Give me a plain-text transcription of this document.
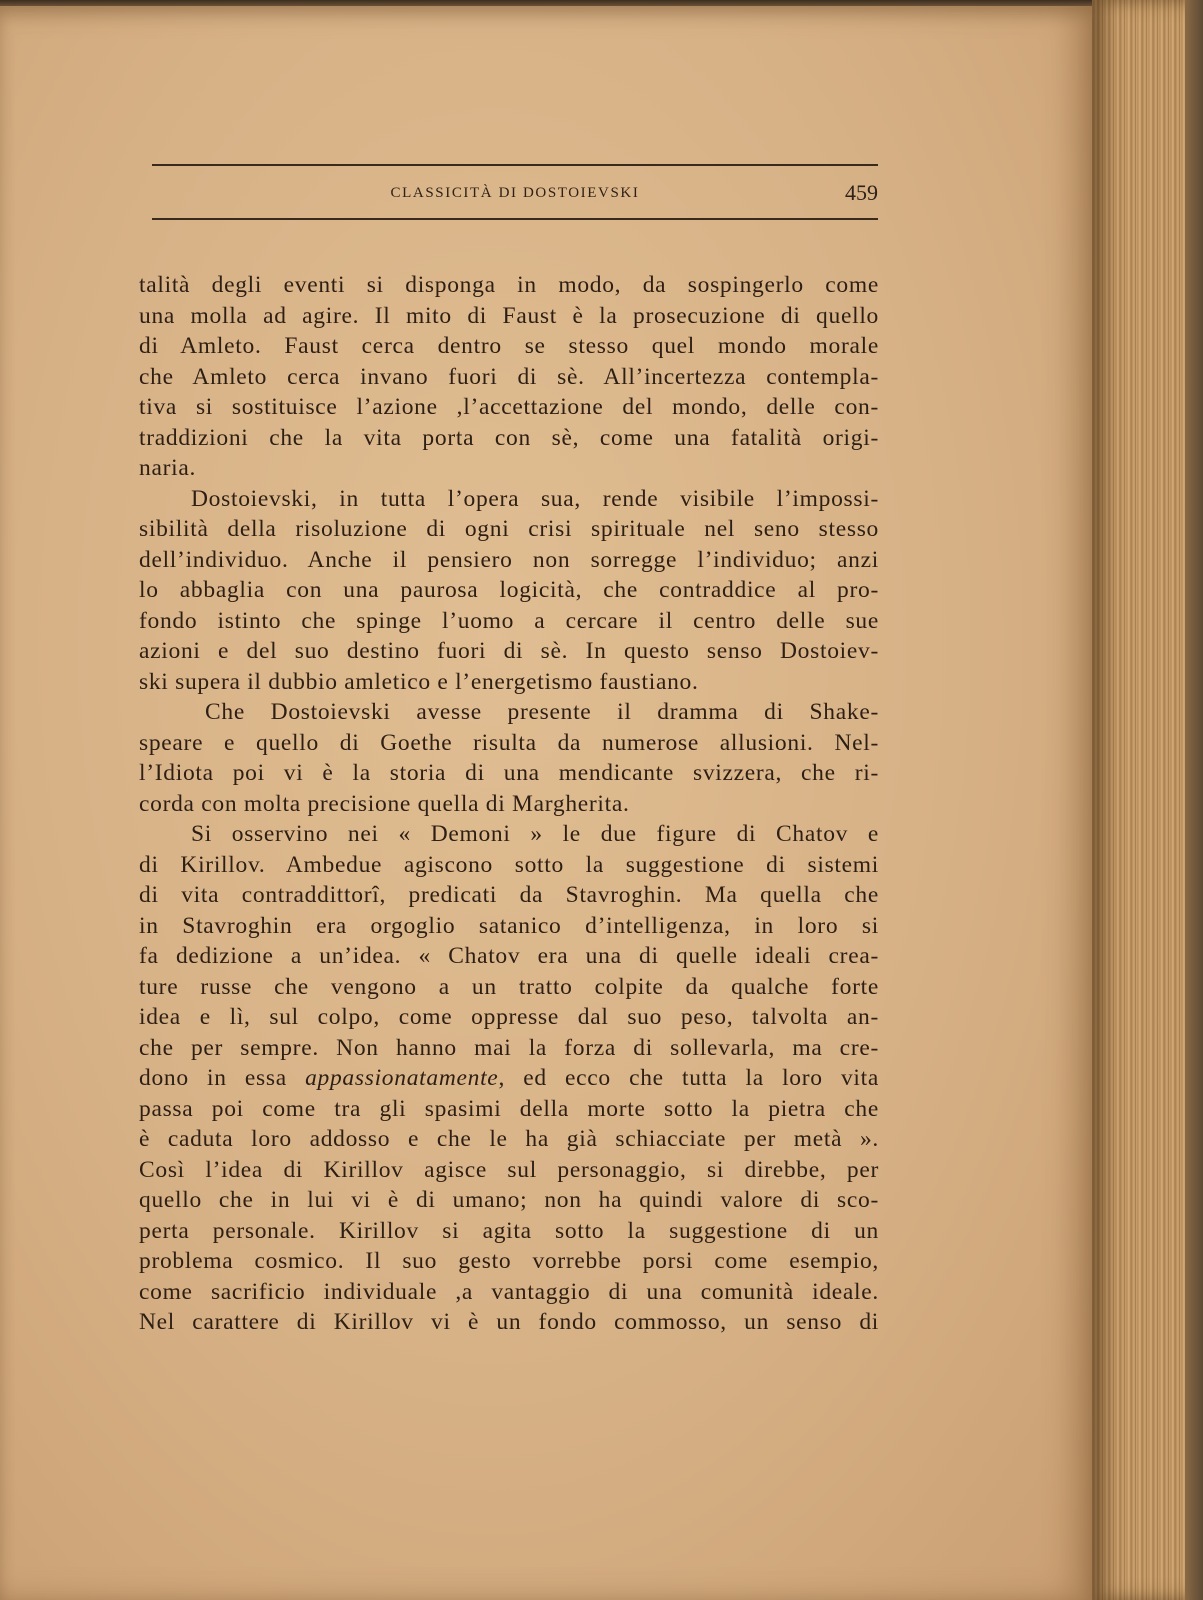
CLASSICITÀ DI DOSTOIEVSKI	459
talità degli eventi si disponga in modo, da sospingerlo come
una molla ad agire. Il mito di Faust è la prosecuzione di quello
di Amleto. Faust cerca dentro se stesso quel mondo morale
che Amleto cerca invano fuori di sè. All’incertezza contempla-
tiva si sostituisce l’azione ,l’accettazione del mondo, delle con-
traddizioni che la vita porta con sè, come una fatalità origi-
naria.
Dostoievski, in tutta l’opera sua, rende visibile l’impossi-
sibilità della risoluzione di ogni crisi spirituale nel seno stesso
dell’individuo. Anche il pensiero non sorregge l’individuo; anzi
lo abbaglia con una paurosa logicità, che contraddice al pro-
fondo istinto che spinge l’uomo a cercare il centro delle sue
azioni e del suo destino fuori di sè. In questo senso Dostoiev-
ski supera il dubbio amletico e l’energetismo faustiano.
Che Dostoievski avesse presente il dramma di Shake-
speare e quello di Goethe risulta da numerose allusioni. Nel-
l’Idiota poi vi è la storia di una mendicante svizzera, che ri-
corda con molta precisione quella di Margherita.
Si osservino nei « Demoni » le due figure di Chatov e
di Kirillov. Ambedue agiscono sotto la suggestione di sistemi
di vita contraddittorî, predicati da Stavroghin. Ma quella che
in Stavroghin era orgoglio satanico d’intelligenza, in loro si
fa dedizione a un’idea. « Chatov era una di quelle ideali crea-
ture russe che vengono a un tratto colpite da qualche forte
idea e lì, sul colpo, come oppresse dal suo peso, talvolta an-
che per sempre. Non hanno mai la forza di sollevarla, ma cre-
dono in essa appassionatamente, ed ecco che tutta la loro vita
passa poi come tra gli spasimi della morte sotto la pietra che
è caduta loro addosso e che le ha già schiacciate per metà ».
Così l’idea di Kirillov agisce sul personaggio, si direbbe, per
quello che in lui vi è di umano; non ha quindi valore di sco-
perta personale. Kirillov si agita sotto la suggestione di un
problema cosmico. Il suo gesto vorrebbe porsi come esempio,
come sacrificio individuale ,a vantaggio di una comunità ideale.
Nel carattere di Kirillov vi è un fondo commosso, un senso di
